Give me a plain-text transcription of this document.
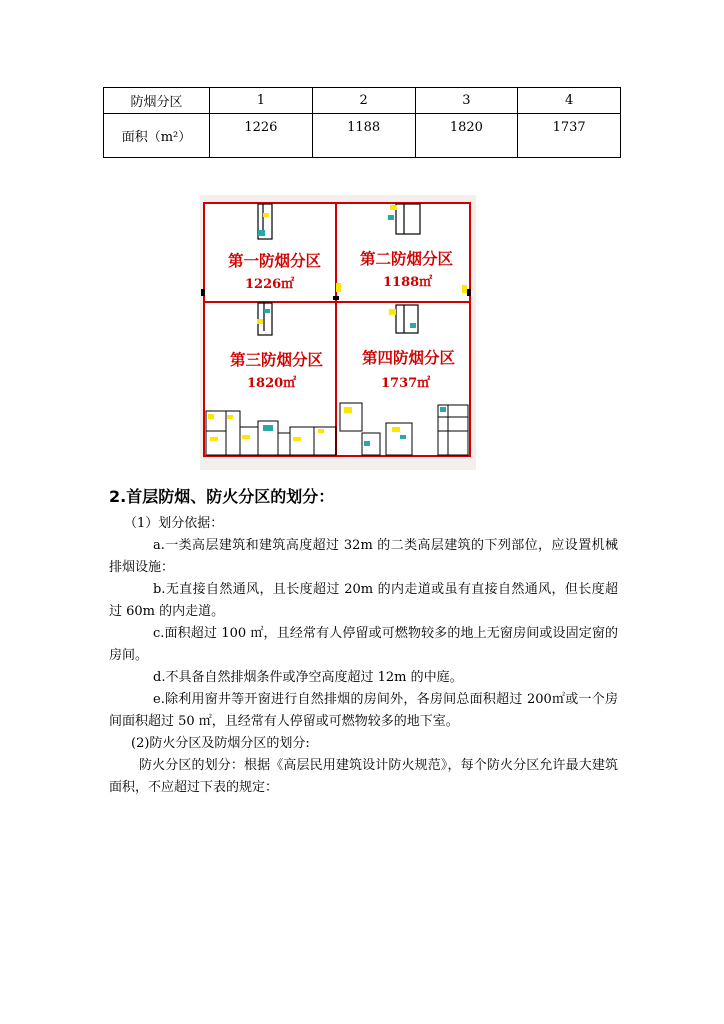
防烟分区	1	2	3	4
面积（m²）	1226	1188	1820	1737
第一防烟分区
1226㎡
第二防烟分区
1188㎡
第三防烟分区
1820㎡
第四防烟分区
1737㎡
2.首层防烟、防火分区的划分：

（1）划分依据：

a.一类高层建筑和建筑高度超过 32m 的二类高层建筑的下列部位，应设置机械排烟设施：

b.无直接自然通风，且长度超过 20m 的内走道或虽有直接自然通风，但长度超过 60m 的内走道。

c.面积超过 100 ㎡，且经常有人停留或可燃物较多的地上无窗房间或设固定窗的房间。

d.不具备自然排烟条件或净空高度超过 12m 的中庭。

e.除利用窗井等开窗进行自然排烟的房间外，各房间总面积超过 200㎡或一个房间面积超过 50 ㎡，且经常有人停留或可燃物较多的地下室。

(2)防火分区及防烟分区的划分:

防火分区的划分：根据《高层民用建筑设计防火规范》，每个防火分区允许最大建筑面积，不应超过下表的规定：
